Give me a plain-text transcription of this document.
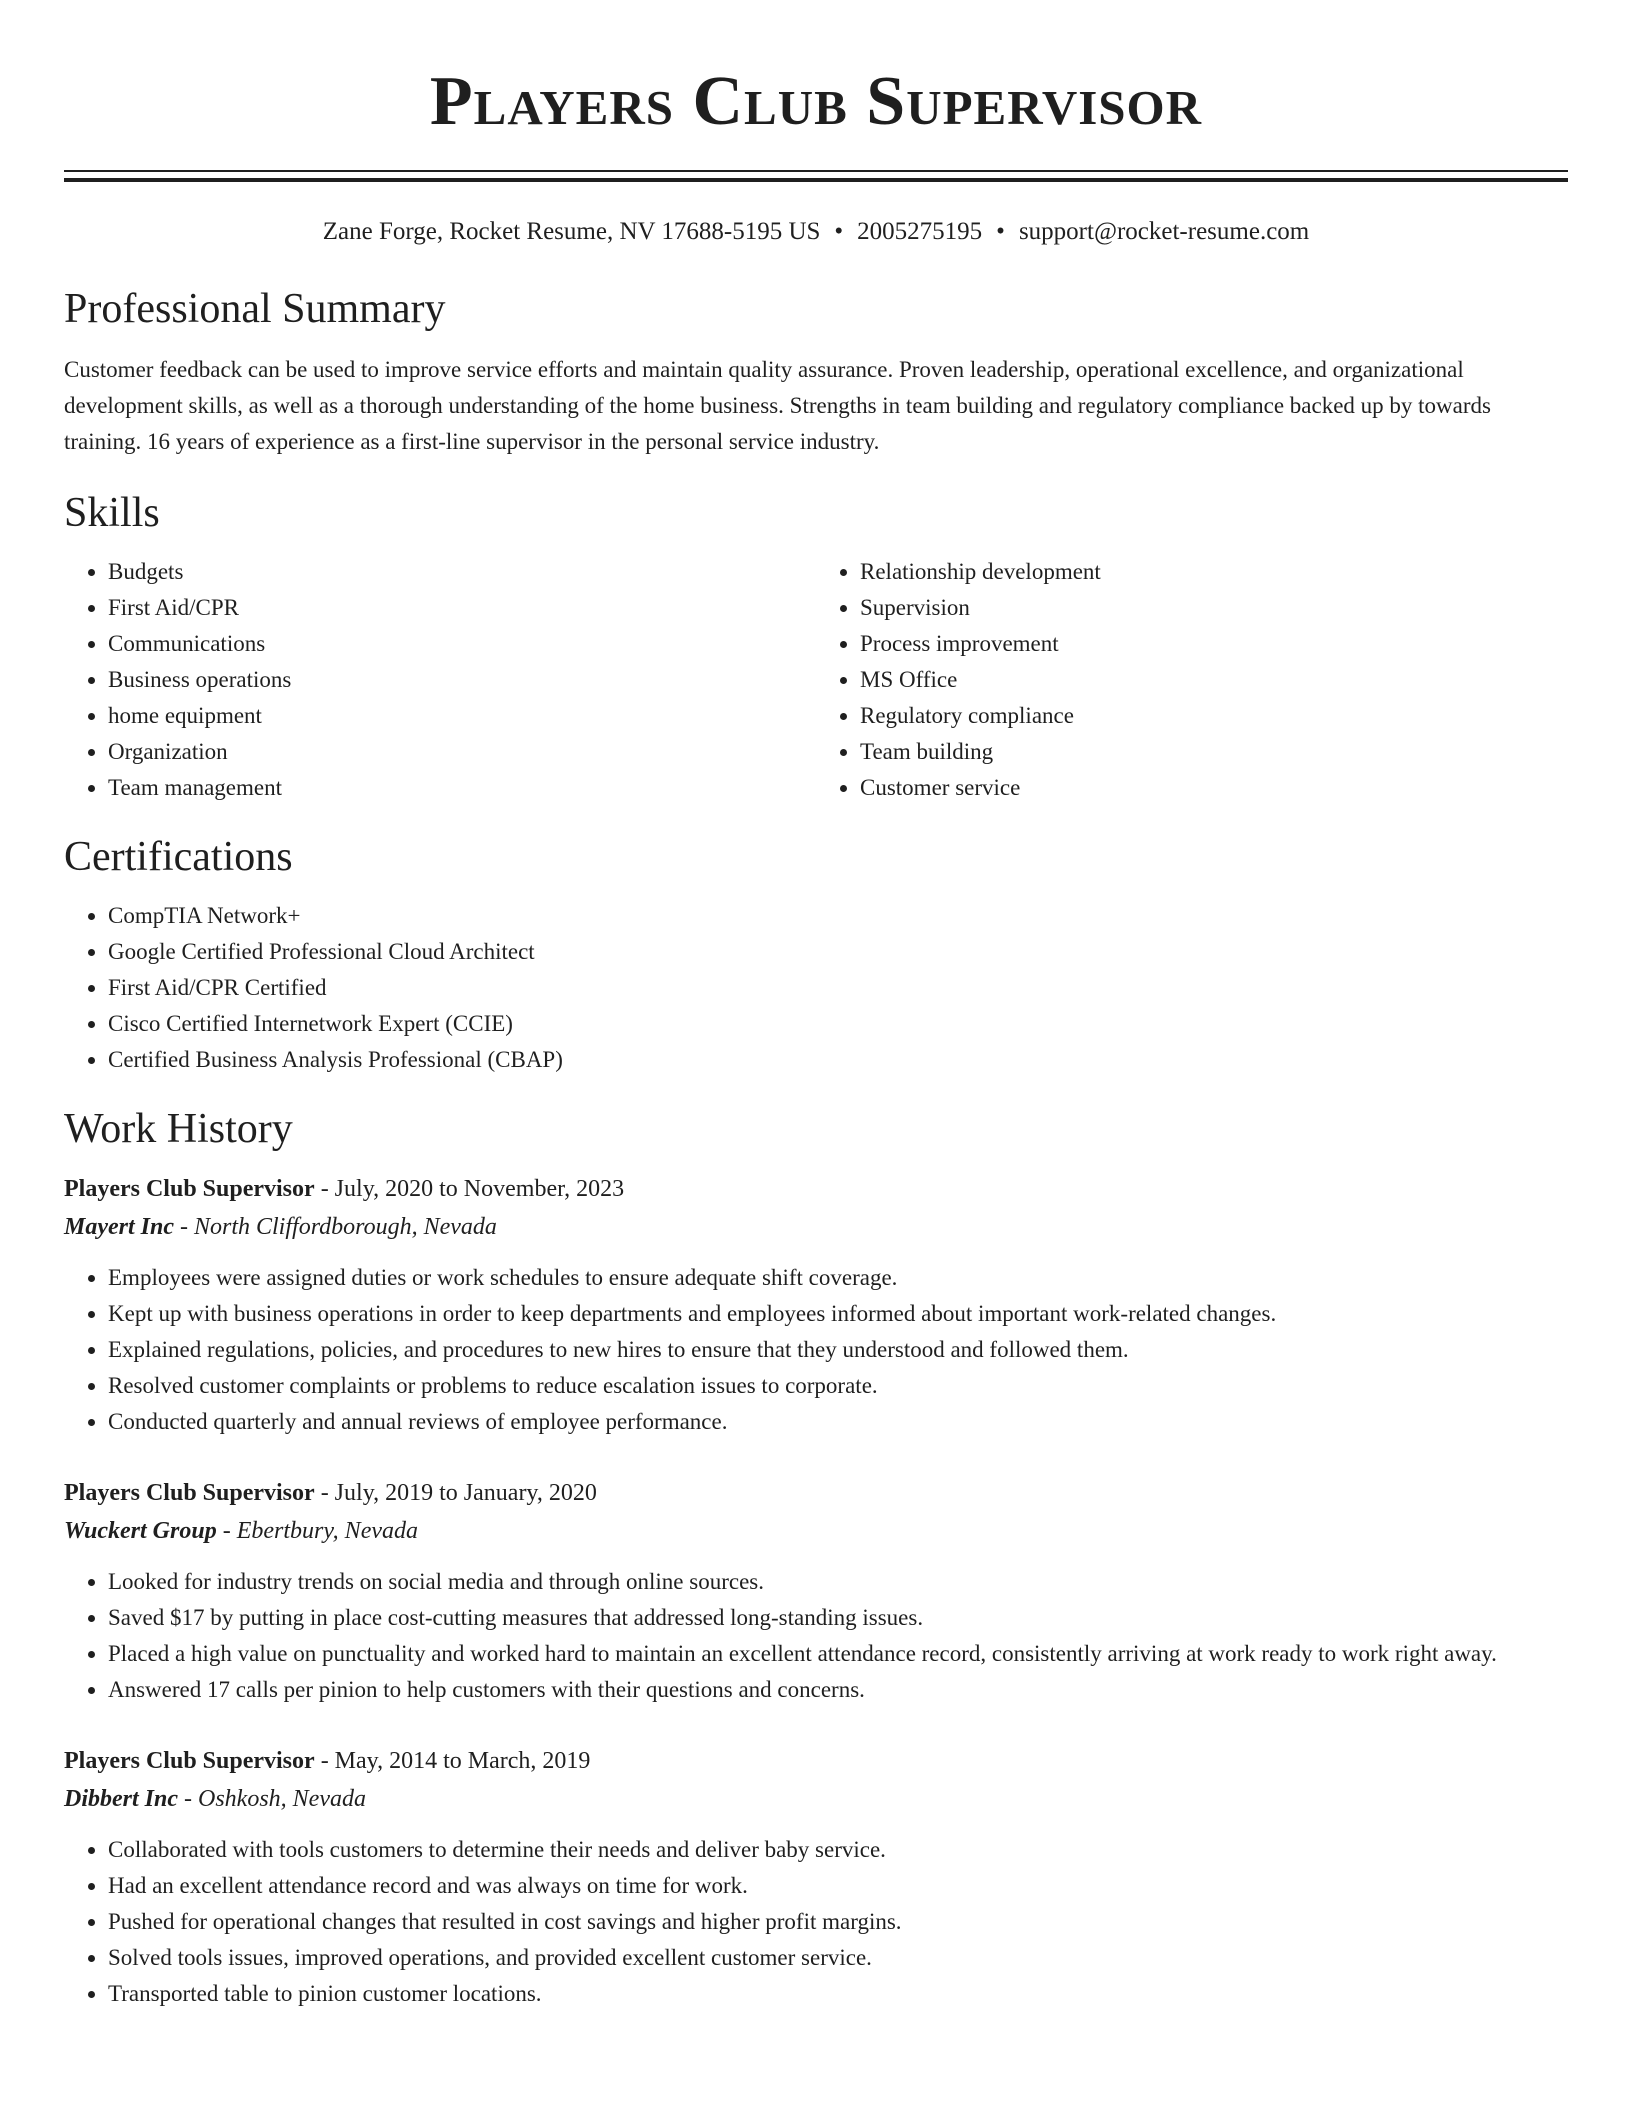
Players Club Supervisor
Zane Forge, Rocket Resume, NV 17688-5195 US • 2005275195 • support@rocket-resume.com
Professional Summary
Customer feedback can be used to improve service efforts and maintain quality assurance. Proven leadership, operational excellence, and organizational development skills, as well as a thorough understanding of the home business. Strengths in team building and regulatory compliance backed up by towards training. 16 years of experience as a first-line supervisor in the personal service industry.
Skills
• Budgets
• First Aid/CPR
• Communications
• Business operations
• home equipment
• Organization
• Team management
• Relationship development
• Supervision
• Process improvement
• MS Office
• Regulatory compliance
• Team building
• Customer service
Certifications
• CompTIA Network+
• Google Certified Professional Cloud Architect
• First Aid/CPR Certified
• Cisco Certified Internetwork Expert (CCIE)
• Certified Business Analysis Professional (CBAP)
Work History
Players Club Supervisor - July, 2020 to November, 2023
Mayert Inc - North Cliffordborough, Nevada
• Employees were assigned duties or work schedules to ensure adequate shift coverage.
• Kept up with business operations in order to keep departments and employees informed about important work-related changes.
• Explained regulations, policies, and procedures to new hires to ensure that they understood and followed them.
• Resolved customer complaints or problems to reduce escalation issues to corporate.
• Conducted quarterly and annual reviews of employee performance.
Players Club Supervisor - July, 2019 to January, 2020
Wuckert Group - Ebertbury, Nevada
• Looked for industry trends on social media and through online sources.
• Saved $17 by putting in place cost-cutting measures that addressed long-standing issues.
• Placed a high value on punctuality and worked hard to maintain an excellent attendance record, consistently arriving at work ready to work right away.
• Answered 17 calls per pinion to help customers with their questions and concerns.
Players Club Supervisor - May, 2014 to March, 2019
Dibbert Inc - Oshkosh, Nevada
• Collaborated with tools customers to determine their needs and deliver baby service.
• Had an excellent attendance record and was always on time for work.
• Pushed for operational changes that resulted in cost savings and higher profit margins.
• Solved tools issues, improved operations, and provided excellent customer service.
• Transported table to pinion customer locations.
